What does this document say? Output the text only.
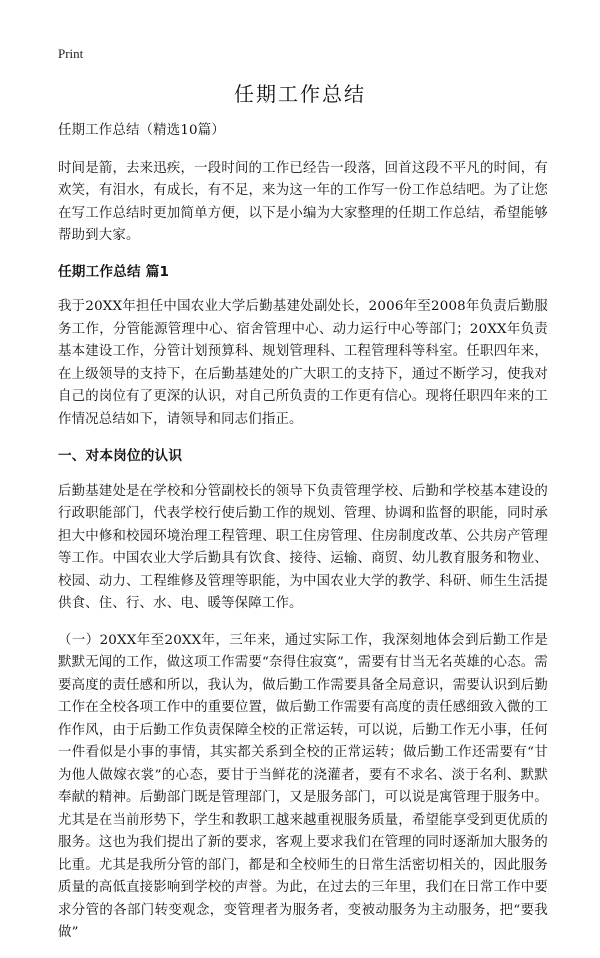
Print
任期工作总结

任期工作总结（精选10篇）

时间是箭，去来迅疾，一段时间的工作已经告一段落，回首这段不平凡的时间，有欢笑，有泪水，有成长，有不足，来为这一年的工作写一份工作总结吧。为了让您在写工作总结时更加简单方便，以下是小编为大家整理的任期工作总结，希望能够帮助到大家。

任期工作总结 篇1

我于20XX年担任中国农业大学后勤基建处副处长，2006年至2008年负责后勤服务工作，分管能源管理中心、宿舍管理中心、动力运行中心等部门；20XX年负责基本建设工作，分管计划预算科、规划管理科、工程管理科等科室。任职四年来，在上级领导的支持下，在后勤基建处的广大职工的支持下，通过不断学习，使我对自己的岗位有了更深的认识，对自己所负责的工作更有信心。现将任职四年来的工作情况总结如下，请领导和同志们指正。

一、对本岗位的认识

后勤基建处是在学校和分管副校长的领导下负责管理学校、后勤和学校基本建设的行政职能部门，代表学校行使后勤工作的规划、管理、协调和监督的职能，同时承担大中修和校园环境治理工程管理、职工住房管理、住房制度改革、公共房产管理等工作。中国农业大学后勤具有饮食、接待、运输、商贸、幼儿教育服务和物业、校园、动力、工程维修及管理等职能，为中国农业大学的教学、科研、师生生活提供食、住、行、水、电、暖等保障工作。

（一）20XX年至20XX年，三年来，通过实际工作，我深刻地体会到后勤工作是默默无闻的工作，做这项工作需要“奈得住寂寞”，需要有甘当无名英雄的心态。需要高度的责任感和所以，我认为，做后勤工作需要具备全局意识，需要认识到后勤工作在全校各项工作中的重要位置，做后勤工作需要有高度的责任感细致入微的工作作风，由于后勤工作负责保障全校的正常运转，可以说，后勤工作无小事，任何一件看似是小事的事情，其实都关系到全校的正常运转；做后勤工作还需要有“甘为他人做嫁衣裳”的心态，要甘于当鲜花的浇灌者，要有不求名、淡于名利、默默奉献的精神。后勤部门既是管理部门，又是服务部门，可以说是寓管理于服务中。尤其是在当前形势下，学生和教职工越来越重视服务质量，希望能享受到更优质的服务。这也为我们提出了新的要求，客观上要求我们在管理的同时逐渐加大服务的比重。尤其是我所分管的部门，都是和全校师生的日常生活密切相关的，因此服务质量的高低直接影响到学校的声誉。为此，在过去的三年里，我们在日常工作中要求分管的各部门转变观念，变管理者为服务者，变被动服务为主动服务，把“要我做”
